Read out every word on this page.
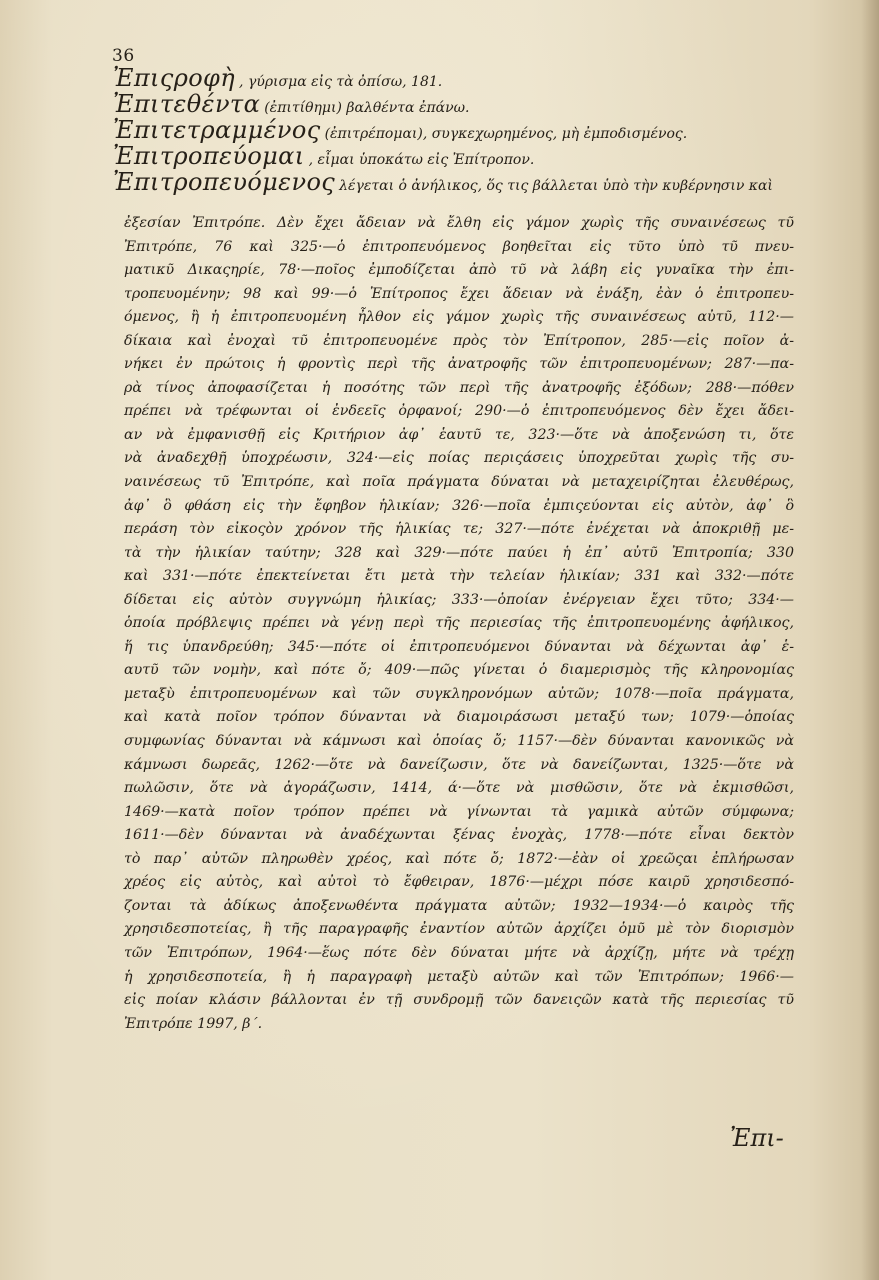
36
Ἐπιςροφὴ , γύρισμα εἰς τὰ ὀπίσω, 181.
Ἐπιτεθέντα (ἐπιτίθημι) βαλθέντα ἐπάνω.
Ἐπιτετραμμένος (ἐπιτρέπομαι), συγκεχωρημένος, μὴ ἐμποδισμένος.
Ἐπιτροπεύομαι , εἶμαι ὑποκάτω εἰς Ἐπίτροπον.
Ἐπιτροπευόμενος λέγεται ὁ ἀνήλικος, ὅς τις βάλλεται ὑπὸ τὴν κυβέρνησιν καὶ
ἐξεσίαν Ἐπιτρόπε. Δὲν ἔχει ἄδειαν νὰ ἔλθη εἰς γάμον χωρὶς τῆς συναινέσεως τῦ
Ἐπιτρόπε, 76 καὶ 325·—ὁ ἐπιτροπευόμενος βοηθεῖται εἰς τῦτο ὑπὸ τῦ πνευ-
ματικῦ Δικαςηρίε, 78·—ποῖος ἐμποδίζεται ἀπὸ τῦ νὰ λάβη εἰς γυναῖκα τὴν ἐπι-
τροπευομένην; 98 καὶ 99·—ὁ Ἐπίτροπος ἔχει ἄδειαν νὰ ἐνάξη, ἐὰν ὁ ἐπιτροπευ-
όμενος, ἢ ἡ ἐπιτροπευομένη ἦλθον εἰς γάμον χωρὶς τῆς συναινέσεως αὐτῦ, 112·—
δίκαια καὶ ἐνοχαὶ τῦ ἐπιτροπευομένε πρὸς τὸν Ἐπίτροπον, 285·—εἰς ποῖον ἀ-
νήκει ἐν πρώτοις ἡ φροντὶς περὶ τῆς ἀνατροφῆς τῶν ἐπιτροπευομένων; 287·—πα-
ρὰ τίνος ἀποφασίζεται ἡ ποσότης τῶν περὶ τῆς ἀνατροφῆς ἐξόδων; 288·—πόθεν
πρέπει νὰ τρέφωνται οἱ ἐνδεεῖς ὀρφανοί; 290·—ὁ ἐπιτροπευόμενος δὲν ἔχει ἄδει-
αν νὰ ἐμφανισθῇ εἰς Κριτήριον ἀφ᾽ ἑαυτῦ τε, 323·—ὅτε νὰ ἀποξενώση τι, ὅτε
νὰ ἀναδεχθῇ ὑποχρέωσιν, 324·—εἰς ποίας περιςάσεις ὑποχρεῦται χωρὶς τῆς συ-
ναινέσεως τῦ Ἐπιτρόπε, καὶ ποῖα πράγματα δύναται νὰ μεταχειρίζηται ἐλευθέρως,
ἀφ᾽ ὃ φθάση εἰς τὴν ἔφηβον ἡλικίαν; 326·—ποῖα ἐμπιςεύονται εἰς αὐτὸν, ἀφ᾽ ὃ
περάση τὸν εἰκοςὸν χρόνον τῆς ἡλικίας τε; 327·—πότε ἐνέχεται νὰ ἀποκριθῇ με-
τὰ τὴν ἡλικίαν ταύτην; 328 καὶ 329·—πότε παύει ἡ ἐπ᾽ αὐτῦ Ἐπιτροπία; 330
καὶ 331·—πότε ἐπεκτείνεται ἔτι μετὰ τὴν τελείαν ἡλικίαν; 331 καὶ 332·—πότε
δίδεται εἰς αὐτὸν συγγνώμη ἡλικίας; 333·—ὁποίαν ἐνέργειαν ἔχει τῦτο; 334·—
ὁποία πρόβλεψις πρέπει νὰ γένῃ περὶ τῆς περιεσίας τῆς ἐπιτροπευομένης ἀφήλικος,
ἥ τις ὑπανδρεύθη; 345·—πότε οἱ ἐπιτροπευόμενοι δύνανται νὰ δέχωνται ἀφ᾽ ἑ-
αυτῦ τῶν νομὴν, καὶ πότε ὄ; 409·—πῶς γίνεται ὁ διαμερισμὸς τῆς κληρονομίας
μεταξὺ ἐπιτροπευομένων καὶ τῶν συγκληρονόμων αὐτῶν; 1078·—ποῖα πράγματα,
καὶ κατὰ ποῖον τρόπον δύνανται νὰ διαμοιράσωσι μεταξύ των; 1079·—ὁποίας
συμφωνίας δύνανται νὰ κάμνωσι καὶ ὁποίας ὄ; 1157·—δὲν δύνανται κανονικῶς νὰ
κάμνωσι δωρεᾶς, 1262·—ὅτε νὰ δανείζωσιν, ὅτε νὰ δανείζωνται, 1325·—ὅτε νὰ
πωλῶσιν, ὅτε νὰ ἀγοράζωσιν, 1414, ά·—ὅτε νὰ μισθῶσιν, ὅτε νὰ ἐκμισθῶσι,
1469·—κατὰ ποῖον τρόπον πρέπει νὰ γίνωνται τὰ γαμικὰ αὐτῶν σύμφωνα;
1611·—δὲν δύνανται νὰ ἀναδέχωνται ξένας ἐνοχὰς, 1778·—πότε εἶναι δεκτὸν
τὸ παρ᾽ αὐτῶν πληρωθὲν χρέος, καὶ πότε ὄ; 1872·—ἐὰν οἱ χρεῶςαι ἐπλήρωσαν
χρέος εἰς αὐτὸς, καὶ αὐτοὶ τὸ ἔφθειραν, 1876·—μέχρι πόσε καιρῦ χρησιδεσπό-
ζονται τὰ ἀδίκως ἀποξενωθέντα πράγματα αὐτῶν; 1932—1934·—ὁ καιρὸς τῆς
χρησιδεσποτείας, ἢ τῆς παραγραφῆς ἐναντίον αὐτῶν ἀρχίζει ὁμῦ μὲ τὸν διορισμὸν
τῶν Ἐπιτρόπων, 1964·—ἕως πότε δὲν δύναται μήτε νὰ ἀρχίζῃ, μήτε νὰ τρέχῃ
ἡ χρησιδεσποτεία, ἢ ἡ παραγραφὴ μεταξὺ αὐτῶν καὶ τῶν Ἐπιτρόπων; 1966·—
εἰς ποίαν κλάσιν βάλλονται ἐν τῇ συνδρομῇ τῶν δανειςῶν κατὰ τῆς περιεσίας τῦ
Ἐπιτρόπε 1997, β΄.
Ἐπι-
